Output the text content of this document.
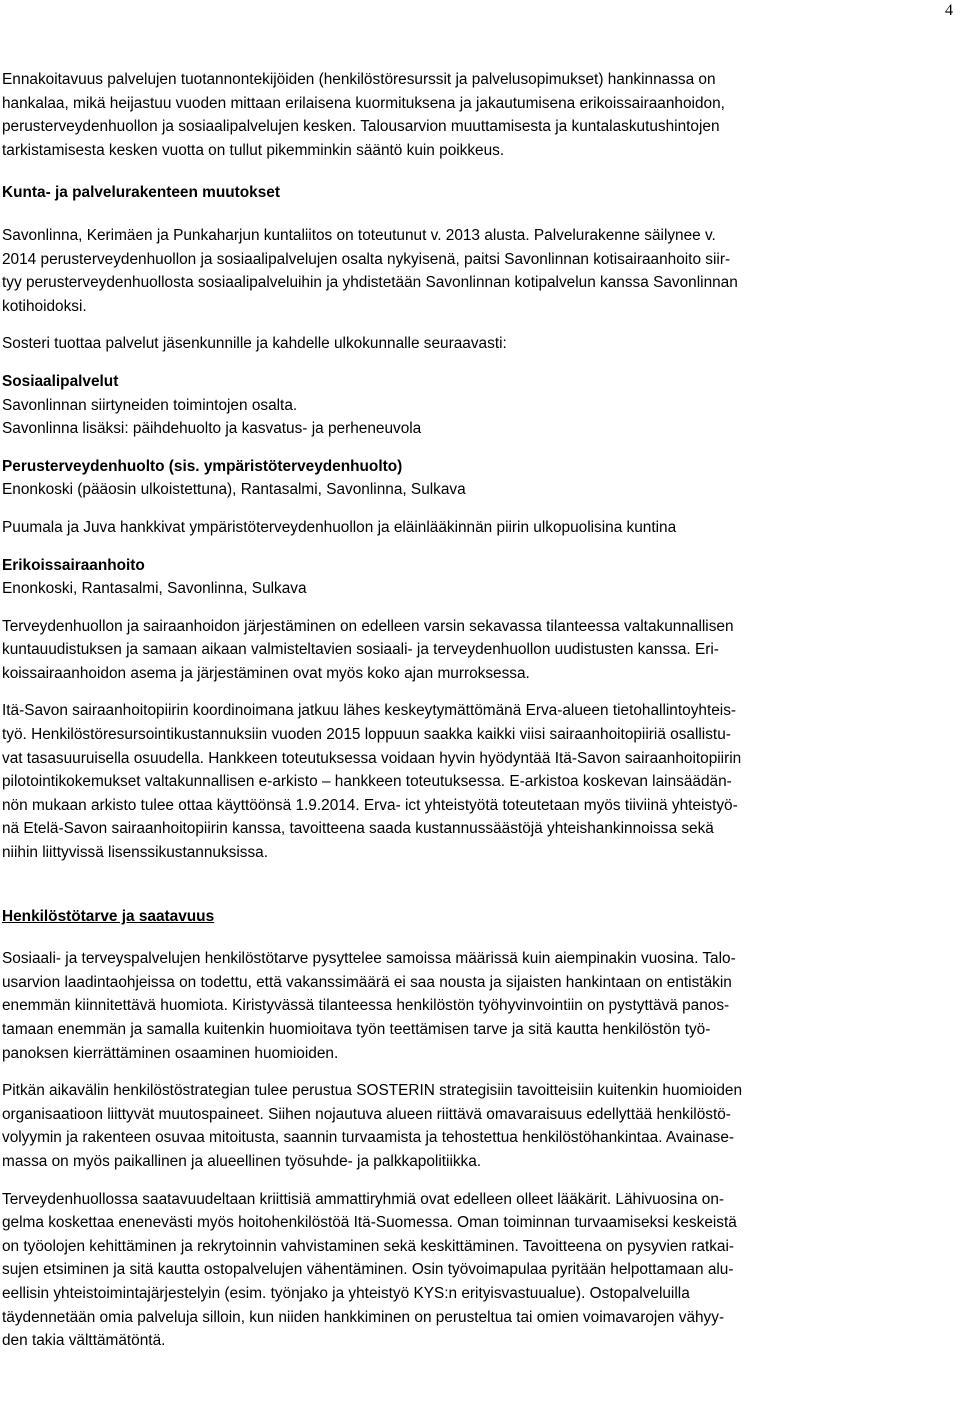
4

Ennakoitavuus palvelujen tuotannontekijöiden (henkilöstöresurssit ja palvelusopimukset) hankinnassa on
hankalaa, mikä heijastuu vuoden mittaan erilaisena kuormituksena ja jakautumisena erikoissairaanhoidon,
perusterveydenhuollon ja sosiaalipalvelujen kesken. Talousarvion muuttamisesta ja kuntalaskutushintojen
tarkistamisesta kesken vuotta on tullut pikemminkin sääntö kuin poikkeus.

Kunta- ja palvelurakenteen muutokset

Savonlinna, Kerimäen ja Punkaharjun kuntaliitos on toteutunut v. 2013 alusta. Palvelurakenne säilynee v.
2014 perusterveydenhuollon ja sosiaalipalvelujen osalta nykyisenä, paitsi Savonlinnan kotisairaanhoito siir-
tyy perusterveydenhuollosta sosiaalipalveluihin ja yhdistetään Savonlinnan kotipalvelun kanssa Savonlinnan
kotihoidoksi.

Sosteri tuottaa palvelut jäsenkunnille ja kahdelle ulkokunnalle seuraavasti:
Sosiaalipalvelut
Savonlinnan siirtyneiden toimintojen osalta.
Savonlinna lisäksi: päihdehuolto ja kasvatus- ja perheneuvola
Perusterveydenhuolto (sis. ympäristöterveydenhuolto)
Enonkoski (pääosin ulkoistettuna), Rantasalmi, Savonlinna, Sulkava
Puumala ja Juva hankkivat ympäristöterveydenhuollon ja eläinlääkinnän piirin ulkopuolisina kuntina
Erikoissairaanhoito
Enonkoski, Rantasalmi, Savonlinna, Sulkava

Terveydenhuollon ja sairaanhoidon järjestäminen on edelleen varsin sekavassa tilanteessa valtakunnallisen
kuntauudistuksen ja samaan aikaan valmisteltavien sosiaali- ja terveydenhuollon uudistusten kanssa. Eri-
koissairaanhoidon asema ja järjestäminen ovat myös koko ajan murroksessa.

Itä-Savon sairaanhoitopiirin koordinoimana jatkuu lähes keskeytymättömänä Erva-alueen tietohallintoyhteis-
työ. Henkilöstöresursointikustannuksiin vuoden 2015 loppuun saakka kaikki viisi sairaanhoitopiiriä osallistu-
vat tasasuuruisella osuudella. Hankkeen toteutuksessa voidaan hyvin hyödyntää Itä-Savon sairaanhoitopiirin
pilotointikokemukset valtakunnallisen e-arkisto – hankkeen toteutuksessa. E-arkistoa koskevan lainsäädän-
nön mukaan arkisto tulee ottaa käyttöönsä 1.9.2014. Erva- ict yhteistyötä toteutetaan myös tiiviinä yhteistyö-
nä Etelä-Savon sairaanhoitopiirin kanssa, tavoitteena saada kustannussäästöjä yhteishankinnoissa sekä
niihin liittyvissä lisenssikustannuksissa.

Henkilöstötarve ja saatavuus

Sosiaali- ja terveyspalvelujen henkilöstötarve pysyttelee samoissa määrissä kuin aiempinakin vuosina. Talo-
usarvion laadintaohjeissa on todettu, että vakanssimäärä ei saa nousta ja sijaisten hankintaan on entistäkin
enemmän kiinnitettävä huomiota. Kiristyvässä tilanteessa henkilöstön työhyvinvointiin on pystyttävä panos-
tamaan enemmän ja samalla kuitenkin huomioitava työn teettämisen tarve ja sitä kautta henkilöstön työ-
panoksen kierrättäminen osaaminen huomioiden.

Pitkän aikavälin henkilöstöstrategian tulee perustua SOSTERIN strategisiin tavoitteisiin kuitenkin huomioiden
organisaatioon liittyvät muutospaineet. Siihen nojautuva alueen riittävä omavaraisuus edellyttää henkilöstö-
volyymin ja rakenteen osuvaa mitoitusta, saannin turvaamista ja tehostettua henkilöstöhankintaa. Avainase-
massa on myös paikallinen ja alueellinen työsuhde- ja palkkapolitiikka.

Terveydenhuollossa saatavuudeltaan kriittisiä ammattiryhmiä ovat edelleen olleet lääkärit. Lähivuosina on-
gelma koskettaa enenevästi myös hoitohenkilöstöä Itä-Suomessa. Oman toiminnan turvaamiseksi keskeistä
on työolojen kehittäminen ja rekrytoinnin vahvistaminen sekä keskittäminen. Tavoitteena on pysyvien ratkai-
sujen etsiminen ja sitä kautta ostopalvelujen vähentäminen. Osin työvoimapulaa pyritään helpottamaan alu-
eellisin yhteistoimintajärjestelyin (esim. työnjako ja yhteistyö KYS:n erityisvastuualue). Ostopalveluilla
täydennetään omia palveluja silloin, kun niiden hankkiminen on perusteltua tai omien voimavarojen vähyy-
den takia välttämätöntä.
